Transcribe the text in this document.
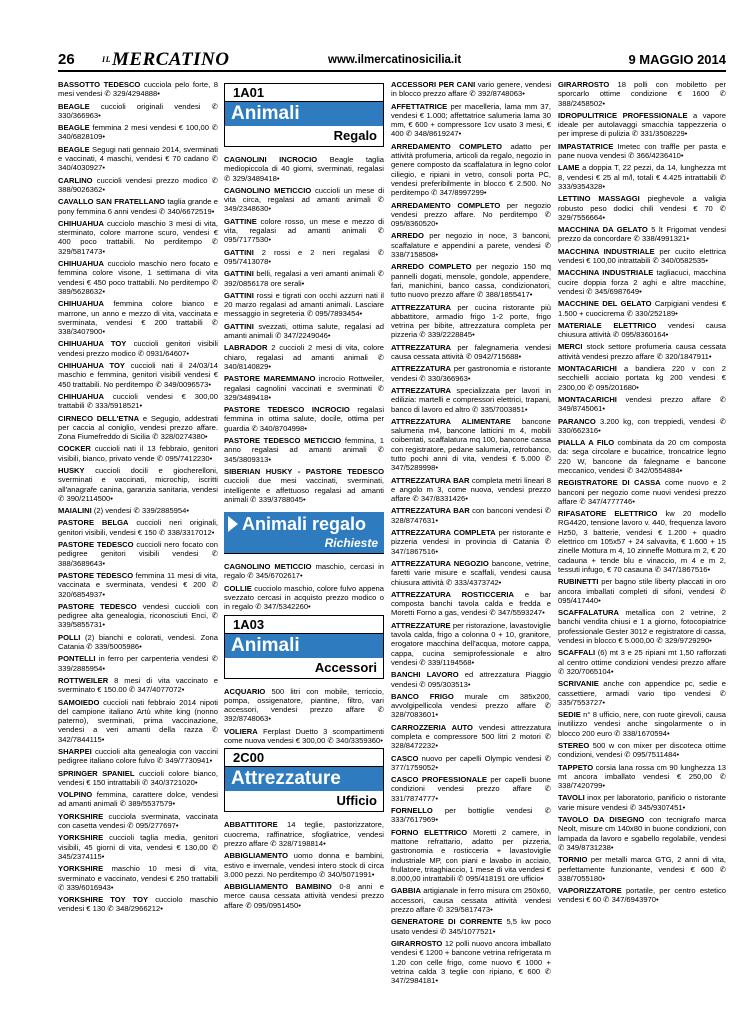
26	$^{IL}$MERCATINO	www.ilmercatinosicilia.it	9 MAGGIO 2014
BASSOTTO TEDESCO cucciola pelo forte, 8 mesi vendesi ✆ 329/4294888•
BEAGLE cuccioli originali vendesi ✆ 330/366963•
BEAGLE femmina 2 mesi vendesi € 100,00 ✆ 340/6828109•
BEAGLE Segugi nati gennaio 2014, sverminati e vaccinati, 4 maschi, vendesi € 70 cadano ✆ 340/4030927•
CARLINO cuccioli vendesi prezzo modico ✆ 388/9026362•
CAVALLO SAN FRATELLANO taglia grande e pony femmina 6 anni vendesi ✆ 340/6672519•
CHIHUAHUA cucciolo maschio 3 mesi di vita, sterminato, colore marrone scuro, vendesi € 400 poco trattabili. No perditempo ✆ 329/5817473•
CHIHUAHUA cucciolo maschio nero focato e femmina colore visone, 1 settimana di vita vendesi € 450 poco trattabili. No perditempo ✆ 389/5628632•
CHIHUAHUA femmina colore bianco e marrone, un anno e mezzo di vita, vaccinata e sverminata, vendesi € 200 trattabili ✆ 338/3407900•
CHIHUAHUA TOY cuccioli genitori visibili vendesi prezzo modico ✆ 0931/64607•
CHIHUAHUA TOY cuccioli nati il 24/03/14 maschio e femmina, genitori visibili vendesi € 450 trattabili. No perditempo ✆ 349/0096573•
CHIHUAHUA cuccioli vendesi € 300,00 trattabili ✆ 333/5918521•
CIRNECO DELL'ETNA e Segugio, addestrati per caccia al coniglio, vendesi prezzo affare. Zona Fiumefreddo di Sicilia ✆ 328/0274380•
COCKER cuccioli nati il 13 febbraio, genitori visibili, bianco, privato vende ✆ 095/7412230•
HUSKY cuccioli docili e giocherelloni, sverminati e vaccinati, microchip, iscritti all'anagrafe canina, garanzia sanitaria, vendesi ✆ 390/2114500•
MAIALINI (2) vendesi ✆ 339/2885954•
PASTORE BELGA cuccioli neri originali, genitori visibili, vendesi € 150 ✆ 338/3317012•
PASTORE TEDESCO cuccioli nero focato con pedigree genitori visibili vendesi ✆ 388/3689643•
PASTORE TEDESCO femmina 11 mesi di vita, vaccinata e sverminata, vendesi € 200 ✆ 320/6854937•
PASTORE TEDESCO vendesi cuccioli con pedigree alta genealogia, riconosciuti Enci, ✆ 339/5855731•
POLLI (2) bianchi e colorati, vendesi. Zona Catania ✆ 339/5005986•
PONTELLI in ferro per carpenteria vendesi ✆ 339/2885954•
ROTTWEILER 8 mesi di vita vaccinato e sverminato € 150.00 ✆ 347/4077072•
SAMOIEDO cuccioli nati febbraio 2014 nipoti del campione italiano Artù white king (nonno paterno), sverminati, prima vaccinazione, vendesi a veri amanti della razza ✆ 342/7844115•
SHARPEI cuccioli alta genealogia con vaccini pedigree italiano colore fulvo ✆ 349/7730941•
SPRINGER SPANIEL cuccioli colore bianco, vendesi € 150 intrattabili ✆ 340/3721020•
VOLPINO femmina, carattere dolce, vendesi ad amanti animali ✆ 389/5537579•
YORKSHIRE cucciola sverminata, vaccinata con casetta vendesi ✆ 095/277697•
YORKSHIRE cuccioli taglia media, genitori visibili, 45 giorni di vita, vendesi € 130,00 ✆ 345/2374115•
YORKSHIRE maschio 10 mesi di vita, sverminato e vaccinato, vendesi € 250 trattabili ✆ 339/6016943•
YORKSHIRE TOY TOY cucciolo maschio vendesi € 130 ✆ 348/2966212•
1A01
Animali
Regalo
CAGNOLINI INCROCIO Beagle taglia mediopiccola di 40 giorni, sverminati, regalasi ✆ 329/3489418•
CAGNOLINO METICCIO cuccioli un mese di vita circa, regalasi ad amanti animali ✆ 349/2348630•
GATTINE colore rosso, un mese e mezzo di vita, regalasi ad amanti animali ✆ 095/7177530•
GATTINI 2 rossi e 2 neri regalasi ✆ 095/7413078•
GATTINI belli, regalasi a veri amanti animali ✆ 392/0856178 ore serali•
GATTINI rossi e tigrati con occhi azzurri nati il 20 marzo regalasi ad amanti animali. Lasciare messaggio in segreteria ✆ 095/7893454•
GATTINI svezzati, ottima salute, regalasi ad amanti animali ✆ 347/2249046•
LABRADOR 2 cuccioli 2 mesi di vita, colore chiaro, regalasi ad amanti animali ✆ 340/8140829•
PASTORE MAREMMANO incrocio Rottweiler, regalasi cagnolini vaccinati e sverminati ✆ 329/3489418•
PASTORE TEDESCO INCROCIO regalasi femmina in ottima salute, docile, ottima per guardia ✆ 340/8704998•
PASTORE TEDESCO METICCIO femmina, 1 anno regalasi ad amanti animali ✆ 345/3809313•
SIBERIAN HUSKY - PASTORE TEDESCO cuccioli due mesi vaccinati, sverminati, intelligente e affettuoso regalasi ad amanti animali ✆ 339/3788045•
Animali regalo
Richieste
CAGNOLINO METICCIO maschio, cercasi in regalo ✆ 345/6702617•
COLLIE cucciolo maschio, colore fulvo appena svezzato cercasi in acquisto prezzo modico o in regalo ✆ 347/5342260•
1A03
Animali
Accessori
ACQUARIO 500 litri con mobile, terriccio, pompa, ossigenatore, piantine, filtro, vari accessori, vendesi prezzo affare ✆ 392/8748063•
VOLIERA Ferplast Duetto 3 scompartimenti come nuova vendesi € 300,00 ✆ 340/3359360•
2C00
Attrezzature
Ufficio
ABBATTITORE 14 teglie, pastorizzatore, cuocrema, raffinatrice, sfogliatrice, vendesi prezzo affare ✆ 328/7198814•
ABBIGLIAMENTO uomo donna e bambini, estivo e invernale, vendesi intero stock di circa 3.000 pezzi. No perditempo ✆ 340/5071991•
ABBIGLIAMENTO BAMBINO 0-8 anni e merce causa cessata attività vendesi prezzo affare ✆ 095/0951450•
ACCESSORI PER CANI vario genere, vendesi in blocco prezzo affare ✆ 392/8748063•
AFFETTATRICE per macelleria, lama mm 37, vendesi € 1.000; affettatrice salumeria lama 30 mm, € 600 + compressore 1cv usato 3 mesi, € 400 ✆ 348/8619247•
ARREDAMENTO COMPLETO adatto per attività profumeria, articoli da regalo, negozio in genere composto da scaffalatura in legno color ciliegio, e ripiani in vetro, consoli porta PC, vendesi preferibilmente in blocco € 2.500. No perditempo ✆ 347/8997299•
ARREDAMENTO COMPLETO per negozio vendesi prezzo affare. No perditempo ✆ 095/8360520•
ARREDO per negozio in noce, 3 banconi, scaffalature e appendini a parete, vendesi ✆ 338/7158508•
ARREDO COMPLETO per negozio 150 mq pannelli dogati, mensole, gondole, appendere, fari, manichini, banco cassa, condizionatori, tutto nuovo prezzo affare ✆ 388/1855417•
ATTREZZATURA per cucina ristorante più abbattitore, armadio frigo 1-2 porte, frigo vetrina per bibite, attrezzatura completa per pizzeria ✆ 339/2228845•
ATTREZZATURA per falegnameria vendesi causa cessata attività ✆ 0942/715688•
ATTREZZATURA per gastronomia e ristorante vendesi ✆ 330/366963•
ATTREZZATURA specializzata per lavori in edilizia: martelli e compressori elettrici, trapani, banco di lavoro ed altro ✆ 335/7003851•
ATTREZZATURA ALIMENTARE bancone salumeria m4, bancone latticini m 4, mobili coibentati, scaffalatura mq 100, bancone cassa con registratore, pedane salumeria, retrobanco, tutto pochi anni di vita, vendesi € 5.000 ✆ 347/5289998•
ATTREZZATURA BAR completa metri lineari 8 e angolo m 3, come nuova, vendesi prezzo affare ✆ 347/8331426•
ATTREZZATURA BAR con banconi vendesi ✆ 328/8747631•
ATTREZZATURA COMPLETA per ristorante e pizzeria vendesi in provincia di Catania ✆ 347/1867516•
ATTREZZATURA NEGOZIO bancone, vetrine, faretti varie misure e scaffali, vendesi causa chiusura attività ✆ 333/4373742•
ATTREZZATURA ROSTICCERIA e bar composta banchi tavola calda e fredda e Moretti Forno a gas, vendesi ✆ 347/5593247•
ATTREZZATURE per ristorazione, lavastoviglie tavola calda, frigo a colonna 0 + 10, granitore, erogatore macchina dell'acqua, motore cappa, cappa, cucina semiprofessionale e altro vendesi ✆ 339/1194568•
BANCHI LAVORO ed attrezzatura Piaggio vendesi ✆ 095/303513•
BANCO FRIGO murale cm 385x200, avvolgipellicola vendesi prezzo affare ✆ 328/7083601•
CARROZZERIA AUTO vendesi attrezzatura completa e compressore 500 litri 2 motori ✆ 328/8472232•
CASCO nuovo per capelli Olympic vendesi ✆ 377/1759052•
CASCO PROFESSIONALE per capelli buone condizioni vendesi prezzo affare ✆ 331/7874777•
FORNELLO per bottiglie vendesi ✆ 333/7617969•
FORNO ELETTRICO Moretti 2 camere, in mattone refrattario, adatto per pizzeria, gastronomia e rosticceria + lavastoviglie industriale MP, con piani e lavabo in acciaio, frullatore, tritaghiaccio, 1 mese di vita vendesi € 8.000,00 intrattabili ✆ 095/418191 ore ufficio•
GABBIA artigianale in ferro misura cm 250x60, accessori, causa cessata attività vendesi prezzo affare ✆ 329/5817473•
GENERATORE DI CORRENTE 5,5 kw poco usato vendesi ✆ 345/1077521•
GIRARROSTO 12 polli nuovo ancora imballato vendesi € 1200 + bancone vetrina refrigerata m 1.20 con celle frigo, come nuovo € 1000 + vetrina calda 3 teglie con ripiano, € 600 ✆ 347/2984181•
GIRARROSTO 18 polli con mobiletto per sporcarlo ottime condizione € 1600 ✆ 388/2458502•
IDROPULITRICE PROFESSIONALE a vapore ideale per autolavaggi smacchia tappezzeria o per imprese di pulizia ✆ 331/3508229•
IMPASTATRICE Imetec con traffle per pasta e pane nuova vendesi ✆ 366/4236410•
LAME a doppia T, 22 pezzi, da 14, lunghezza mt 8, vendesi € 25 al m/l, totali € 4.425 intrattabili ✆ 333/9354328•
LETTINO MASSAGGI pieghevole a valigia robusto peso dodici chili vendesi € 70 ✆ 329/7556664•
MACCHINA DA GELATO 5 lt Frigomat vendesi prezzo da concordare ✆ 338/4991321•
MACCHINA INDUSTRIALE per cucito elettrica vendesi € 100,00 intrattabili ✆ 340/0582535•
MACCHINA INDUSTRIALE tagliacuci, macchina cucire doppia forza 2 aghi e altre macchine, vendesi ✆ 345/6987649•
MACCHINE DEL GELATO Carpigiani vendesi € 1.500 + cuocicrema ✆ 330/252189•
MATERIALE ELETTRICO vendesi causa chiusura attività ✆ 095/8360164•
MERCI stock settore profumeria causa cessata attività vendesi prezzo affare ✆ 320/1847911•
MONTACARICHI a bandiera 220 v con 2 secchielli acciaio portata kg 200 vendesi € 2300,00 ✆ 095/201680•
MONTACARICHI vendesi prezzo affare ✆ 349/8745061•
PARANCO 3.200 kg, con treppiedi, vendesi ✆ 330/662316•
PIALLA A FILO combinata da 20 cm composta da: sega circolare e bucatrice, troncatrice legno 220 W, bancone da falegname e bancone meccanico, vendesi ✆ 342/0554884•
REGISTRATORE DI CASSA come nuovo e 2 banconi per negozio come nuovi vendesi prezzo affare ✆ 347/4777746•
RIFASATORE ELETTRICO kw 20 modello RG4420, tensione lavoro v. 440, frequenza lavoro Hz50, 3 batterie, vendesi € 1.200 + quadro elettrico cm 105x57 + 24 salvavita, € 1.600 + 15 zinelle Mottura m 4, 10 zinneffe Mottura m 2, € 20 cadauna + tende blu e vinaccio, m 4 e m 2, tessuti infugo, € 70 casauna ✆ 347/1867516•
RUBINETTI per bagno stile liberty placcati in oro ancora imballati completi di sifoni, vendesi ✆ 095/417440•
SCAFFALATURA metallica con 2 vetrine, 2 banchi vendita chiusi e 1 a giorno, fotocopiatrice professionale Gester 3012 e registratore di cassa, vendesi in blocco € 5.000,00 ✆ 329/9729290•
SCAFFALI (6) mt 3 e 25 ripiani mt 1,50 rafforzati al centro ottime condizioni vendesi prezzo affare ✆ 320/7065104•
SCRIVANIE anche con appendice pc, sedie e cassettiere, armadi vario tipo vendesi ✆ 335/7553727•
SEDIE n° 8 ufficio, nere, con ruote girevoli, causa inutilizzo vendesi anche singolarmente o in blocco 200 euro ✆ 338/1670594•
STEREO 500 w con mixer per discoteca ottime condizioni, vendesi ✆ 095/7511484•
TAPPETO corsia lana rossa cm 90 lunghezza 13 mt ancora imballato vendesi € 250,00 ✆ 338/7420799•
TAVOLI inox per laboratorio, panificio o ristorante varie misure vendesi ✆ 345/9307451•
TAVOLO DA DISEGNO con tecnigrafo marca Neolt, misure cm 140x80 in buone condizioni, con lampada da lavoro e sgabello regolabile, vendesi ✆ 349/8731238•
TORNIO per metalli marca GTG, 2 anni di vita, perfettamente funzionante, vendesi € 600 ✆ 338/7055180•
VAPORIZZATORE portatile, per centro estetico vendesi € 60 ✆ 347/6943970•
